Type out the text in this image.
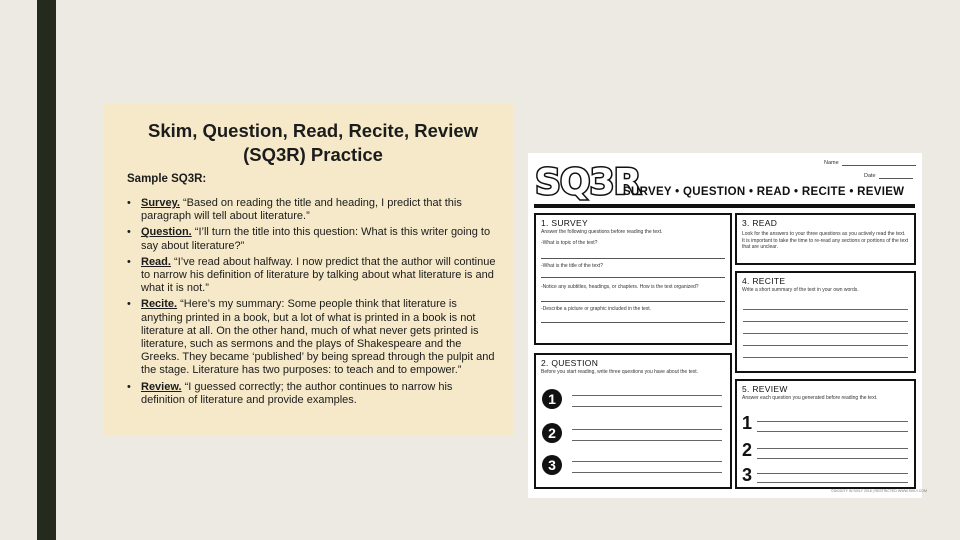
Skim, Question, Read, Recite, Review (SQ3R) Practice
Sample SQ3R:
• Survey. “Based on reading the title and heading, I predict that this paragraph will tell about literature.”
• Question. “I’ll turn the title into this question: What is this writer going to say about literature?”
• Read. “I’ve read about halfway. I now predict that the author will continue to narrow his definition of literature by talking about what literature is and what it is not.”
• Recite. “Here’s my summary: Some people think that literature is anything printed in a book, but a lot of what is printed in a book is not literature at all. On the other hand, much of what never gets printed is literature, such as sermons and the plays of Shakespeare and the Greeks. They became ‘published’ by being spread through the pulpit and the stage. Literature has two purposes: to teach and to empower.”
• Review. “I guessed correctly; the author continues to narrow his definition of literature and provide examples.
SQ3R	Name
Date
SURVEY • QUESTION • READ • RECITE • REVIEW
1. SURVEY
Answer the following questions before reading the text.
-What is topic of the text?
-What is the title of the text?
-Notice any subtitles, headings, or chapters. How is the text organized?
-Describe a picture or graphic included in the text.
2. QUESTION
Before you start reading, write three questions you have about the text.
1
2
3
3. READ
Look for the answers to your three questions as you actively read the text. It is important to take the time to re-read any sections or portions of the text that are unclear.
4. RECITE
Write a short summary of the text in your own words.
5. REVIEW
Answer each question you generated before reading the text.
1
2
3
©DIGGITY IN SIXLY 2016 | RESTRICTED WWW.SIXLY.COM
